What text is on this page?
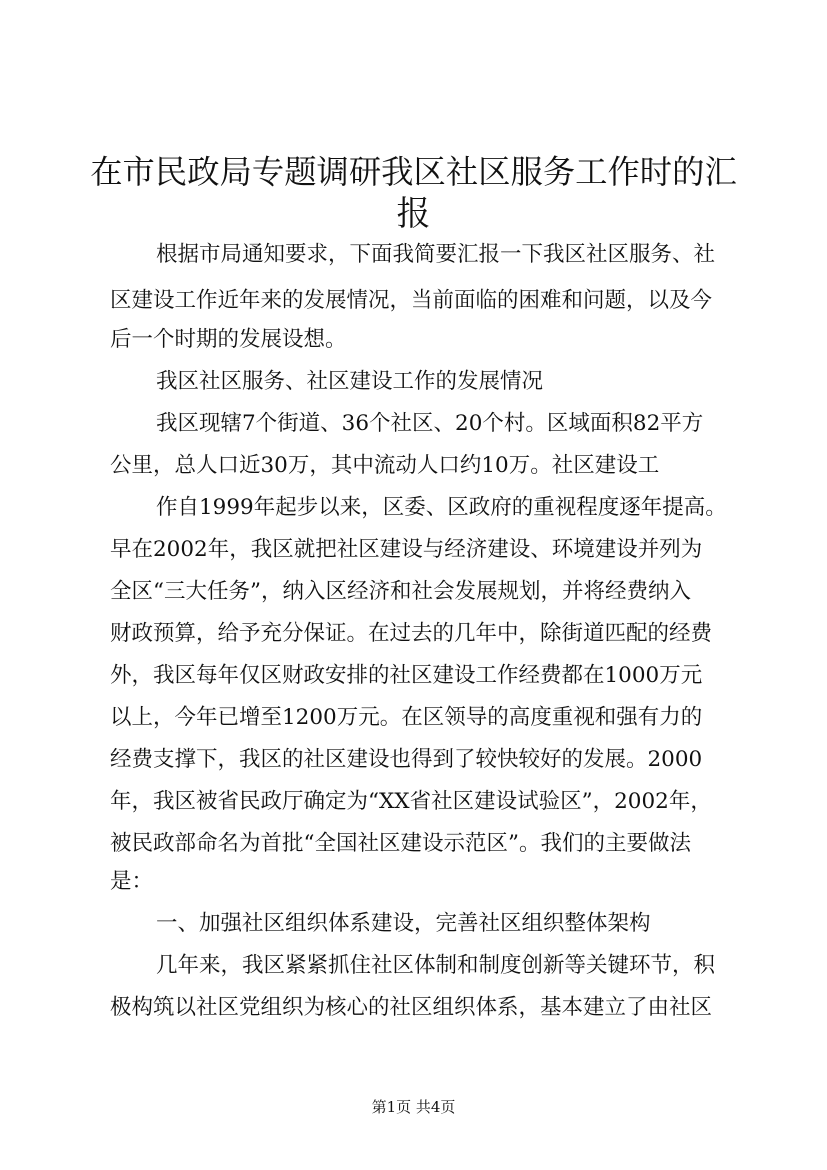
在市民政局专题调研我区社区服务工作时的汇
报
根据市局通知要求，下面我简要汇报一下我区社区服务、社
区建设工作近年来的发展情况，当前面临的困难和问题，以及今
后一个时期的发展设想。
我区社区服务、社区建设工作的发展情况
我区现辖7个街道、36个社区、20个村。区域面积82平方
公里，总人口近30万，其中流动人口约10万。社区建设工
作自1999年起步以来，区委、区政府的重视程度逐年提高。
早在2002年，我区就把社区建设与经济建设、环境建设并列为
全区“三大任务”，纳入区经济和社会发展规划，并将经费纳入
财政预算，给予充分保证。在过去的几年中，除街道匹配的经费
外，我区每年仅区财政安排的社区建设工作经费都在1000万元
以上，今年已增至1200万元。在区领导的高度重视和强有力的
经费支撑下，我区的社区建设也得到了较快较好的发展。2000
年，我区被省民政厅确定为“XX省社区建设试验区”，2002年，
被民政部命名为首批“全国社区建设示范区”。我们的主要做法
是：
一、加强社区组织体系建设，完善社区组织整体架构
几年来，我区紧紧抓住社区体制和制度创新等关键环节，积
极构筑以社区党组织为核心的社区组织体系，基本建立了由社区
第1页 共4页
